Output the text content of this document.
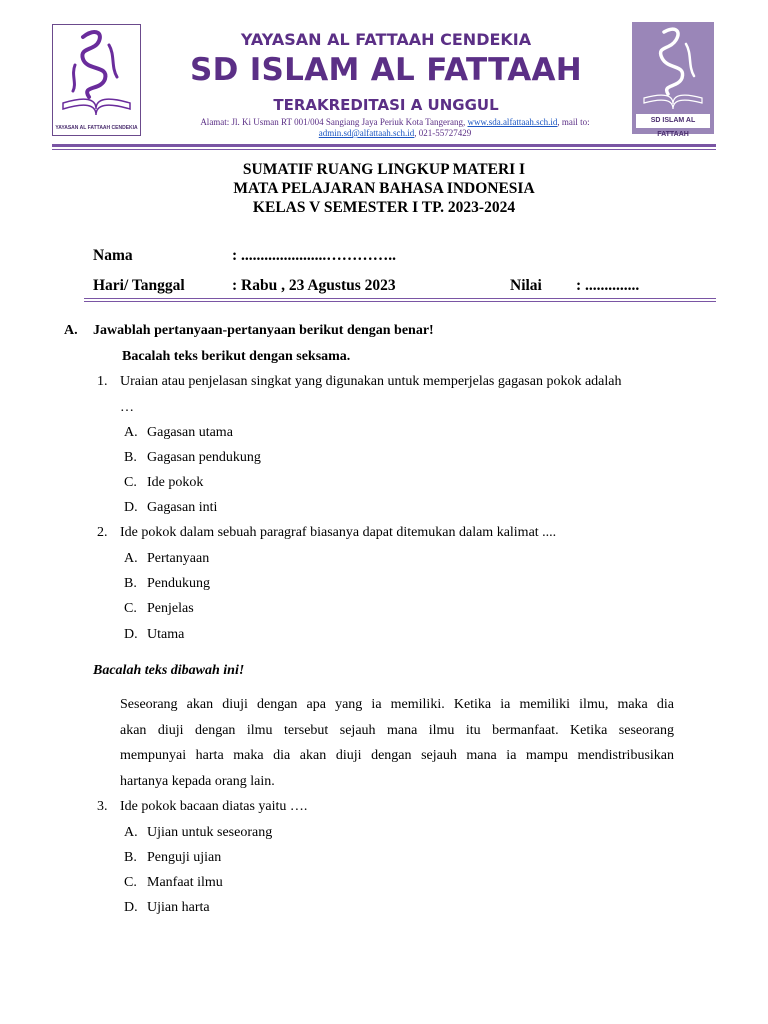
YAYASAN AL FATTAAH CENDEKIA
SD ISLAM AL FATTAAH
YAYASAN AL FATTAAH CENDEKIA
SD ISLAM AL FATTAAH
TERAKREDITASI A UNGGUL
Alamat: Jl. Ki Usman RT 001/004 Sangiang Jaya Periuk Kota Tangerang, www.sda.alfattaah.sch.id, mail to:
admin.sd@alfattaah.sch.id, 021-55727429
SUMATIF RUANG LINGKUP MATERI I
MATA PELAJARAN BAHASA INDONESIA
KELAS V SEMESTER I TP. 2023-2024
Nama	: ......................…………..
Hari/ Tanggal	: Rabu , 23 Agustus 2023	Nilai : ..............
A. Jawablah pertanyaan-pertanyaan berikut dengan benar!
Bacalah teks berikut dengan seksama.
1. Uraian atau penjelasan singkat yang digunakan untuk memperjelas gagasan pokok adalah
…
A. Gagasan utama
B. Gagasan pendukung
C. Ide pokok
D. Gagasan inti
2. Ide pokok dalam sebuah paragraf biasanya dapat ditemukan dalam kalimat ....
A. Pertanyaan
B. Pendukung
C. Penjelas
D. Utama
Bacalah teks dibawah ini!
Seseorang akan diuji dengan apa yang ia memiliki. Ketika ia memiliki ilmu, maka dia
akan diuji dengan ilmu tersebut sejauh mana ilmu itu bermanfaat. Ketika seseorang
mempunyai harta maka dia akan diuji dengan sejauh mana ia mampu mendistribusikan
hartanya kepada orang lain.
3. Ide pokok bacaan diatas yaitu ….
A. Ujian untuk seseorang
B. Penguji ujian
C. Manfaat ilmu
D. Ujian harta
